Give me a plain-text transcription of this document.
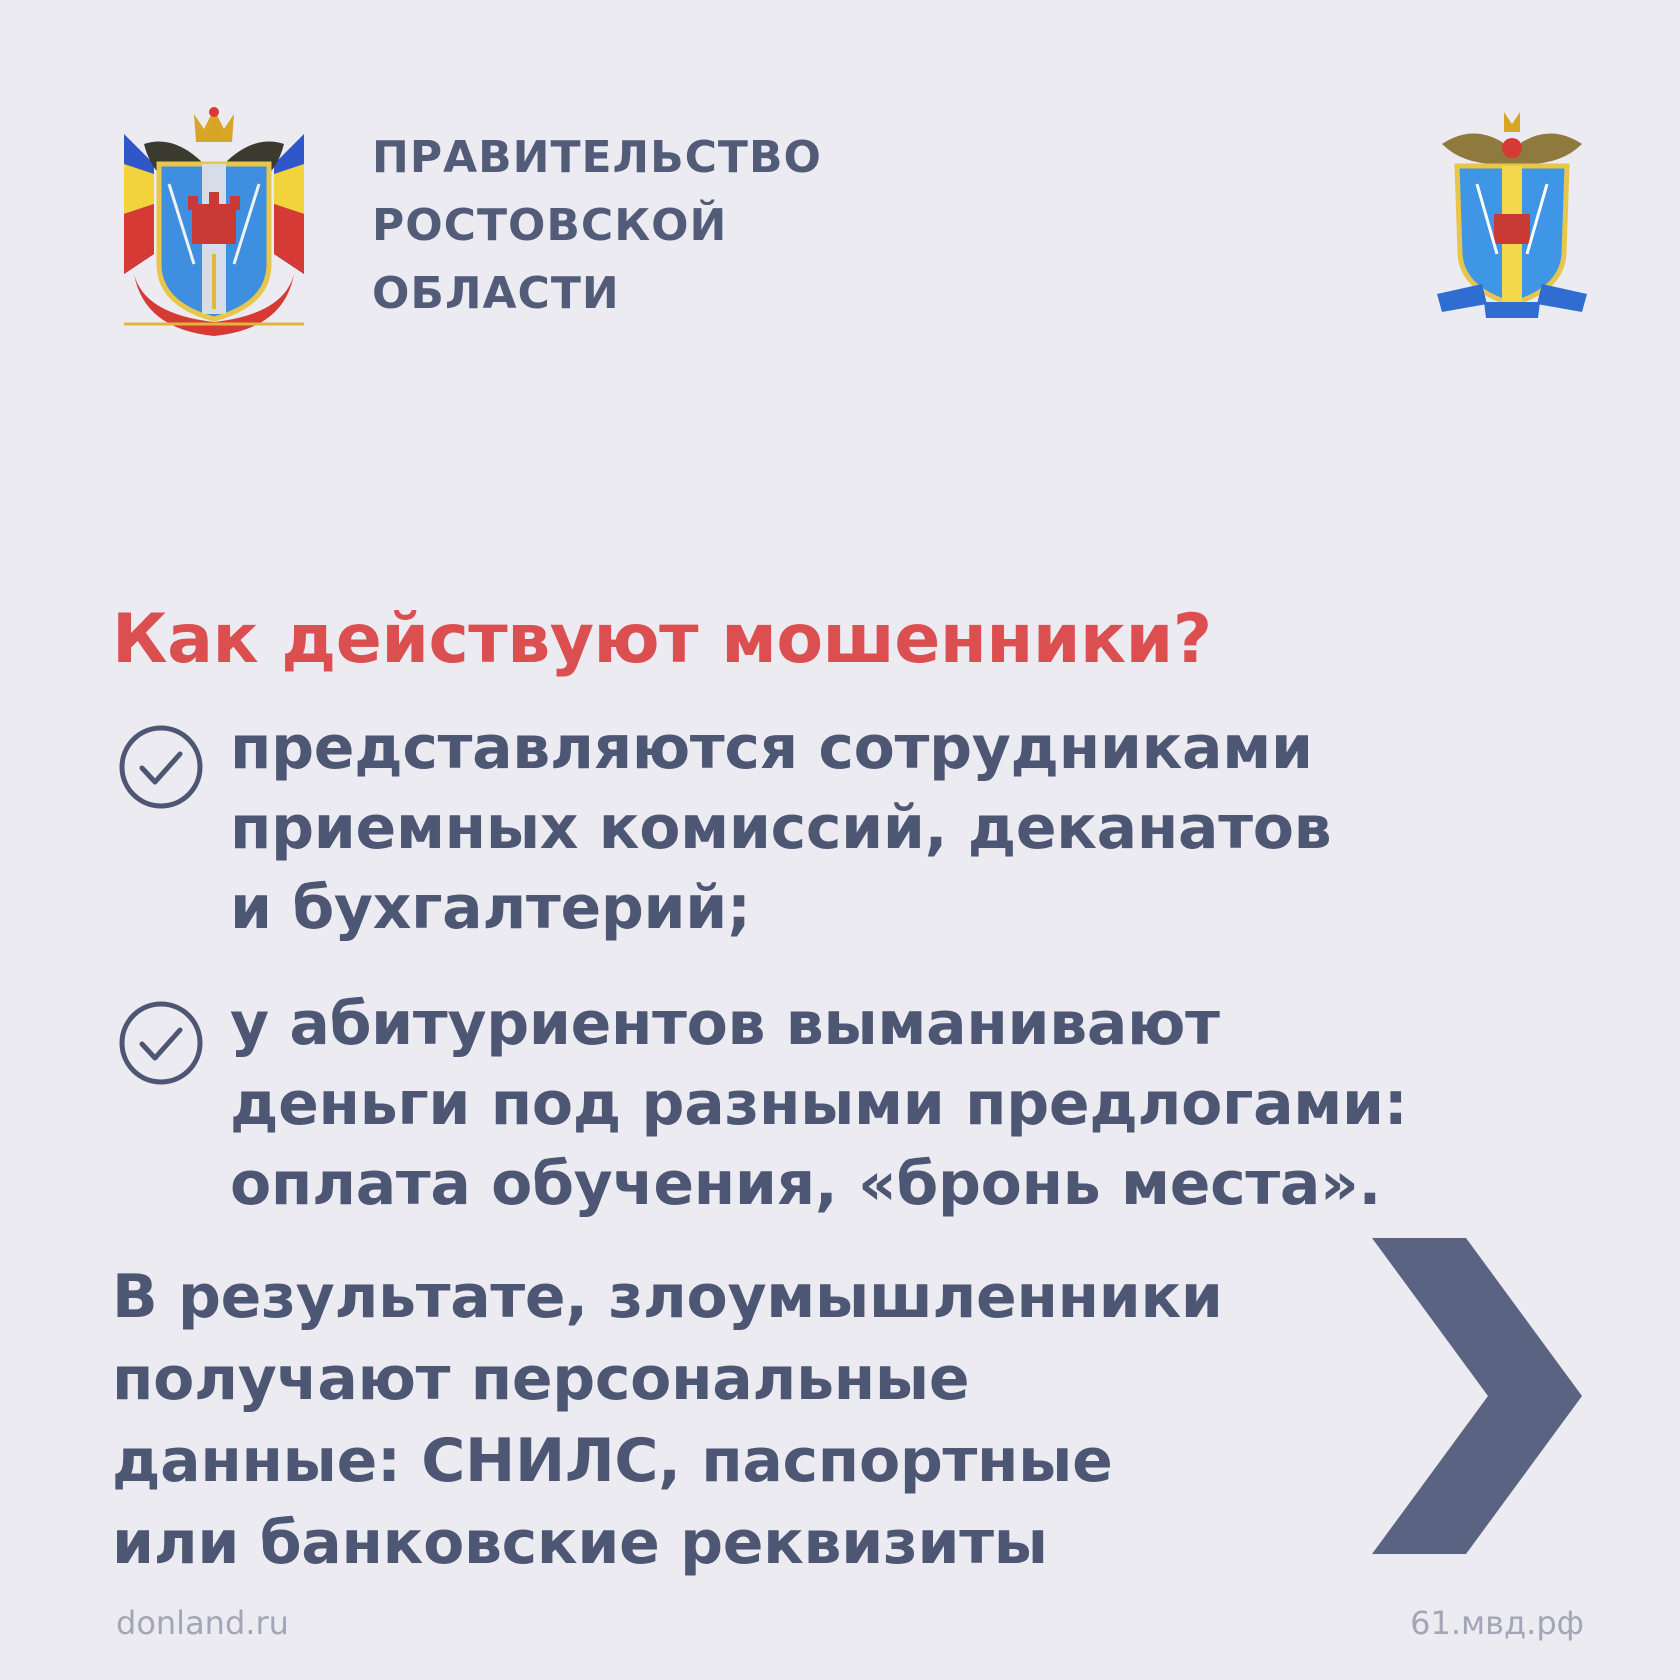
ПРАВИТЕЛЬСТВО
РОСТОВСКОЙ
ОБЛАСТИ
Как действуют мошенники?
представляются сотрудниками
приемных комиссий, деканатов
и бухгалтерий;
у абитуриентов выманивают
деньги под разными предлогами:
оплата обучения, «бронь места».
В результате, злоумышленники
получают персональные
данные: СНИЛС, паспортные
или банковские реквизиты
donland.ru	61.мвд.рф
